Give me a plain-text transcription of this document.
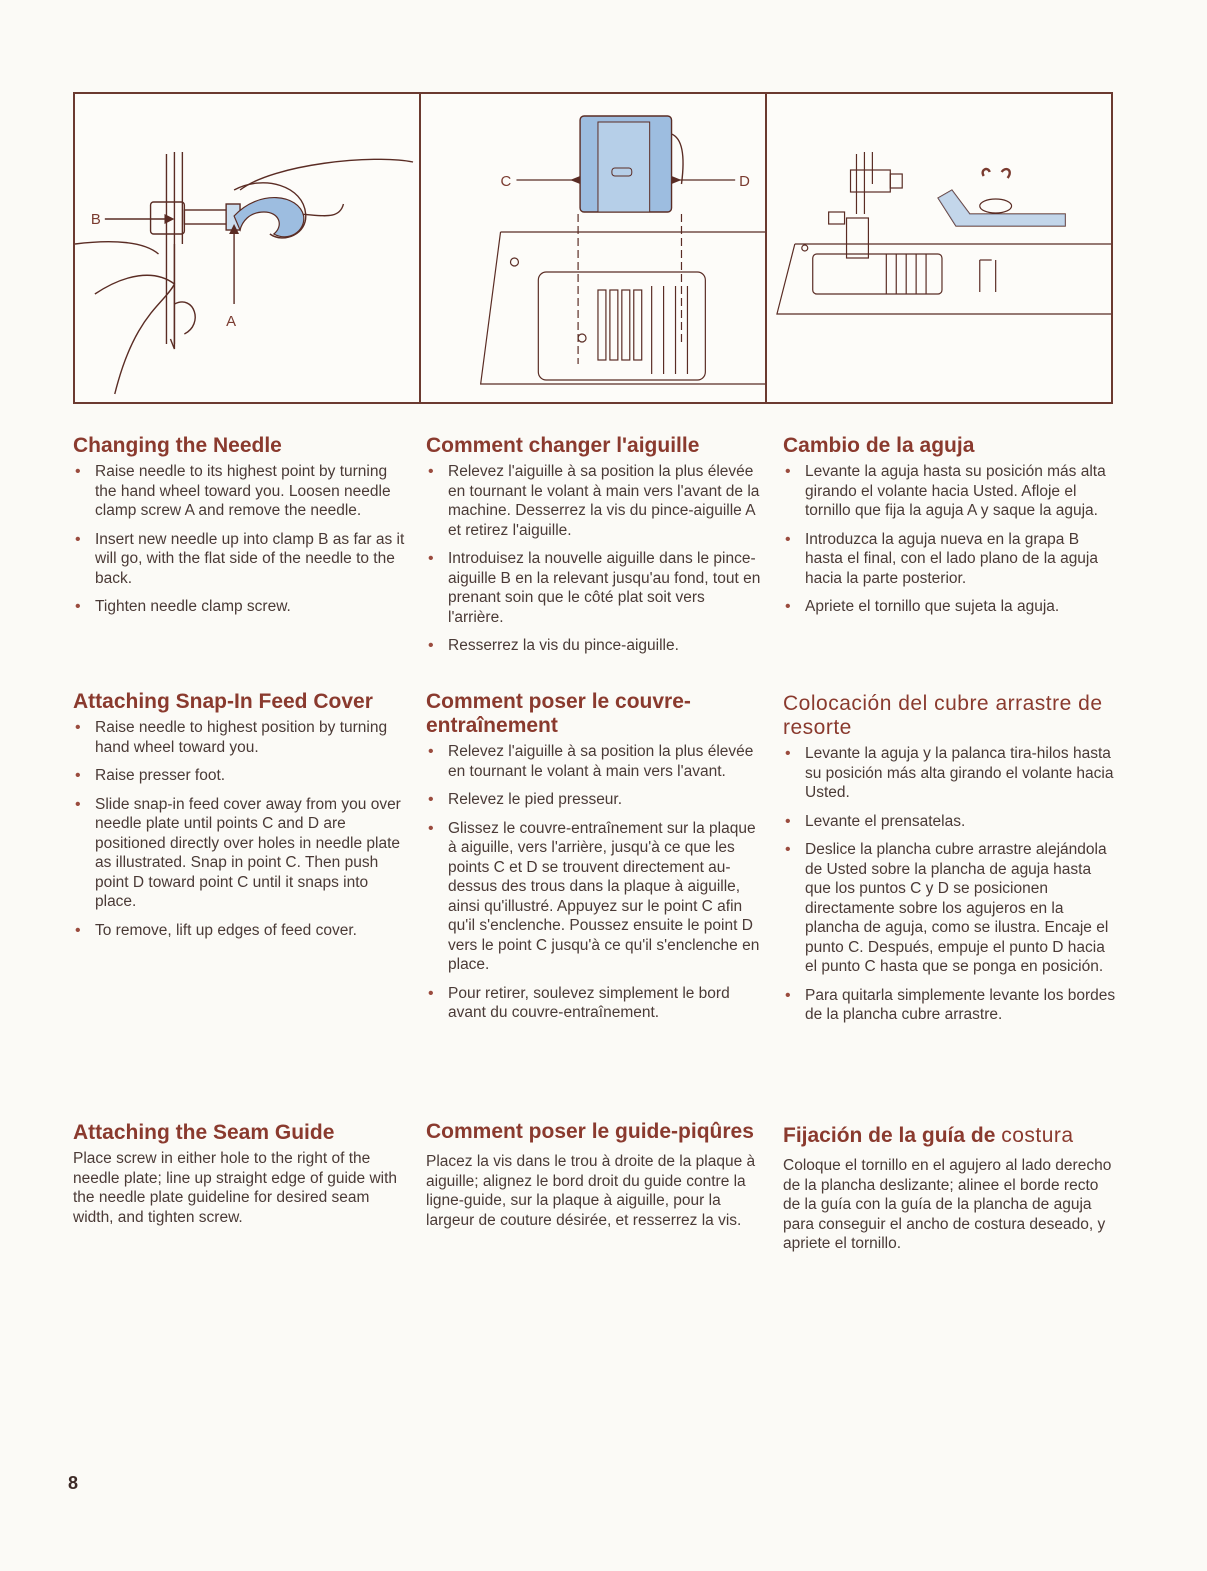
B
A
C	D
Changing the Needle
• Raise needle to its highest point by turning the hand wheel toward you. Loosen needle clamp screw A and remove the needle.
• Insert new needle up into clamp B as far as it will go, with the flat side of the needle to the back.
• Tighten needle clamp screw.
Comment changer l'aiguille
• Relevez l'aiguille à sa position la plus élevée en tournant le volant à main vers l'avant de la machine. Desserrez la vis du pince-aiguille A et retirez l'aiguille.
• Introduisez la nouvelle aiguille dans le pince-aiguille B en la relevant jusqu'au fond, tout en prenant soin que le côté plat soit vers l'arrière.
• Resserrez la vis du pince-aiguille.
Cambio de la aguja
• Levante la aguja hasta su posición más alta girando el volante hacia Usted. Afloje el tornillo que fija la aguja A y saque la aguja.
• Introduzca la aguja nueva en la grapa B hasta el final, con el lado plano de la aguja hacia la parte posterior.
• Apriete el tornillo que sujeta la aguja.
Attaching Snap-In Feed Cover
• Raise needle to highest position by turning hand wheel toward you.
• Raise presser foot.
• Slide snap-in feed cover away from you over needle plate until points C and D are positioned directly over holes in needle plate as illustrated. Snap in point C. Then push point D toward point C until it snaps into place.
• To remove, lift up edges of feed cover.
Comment poser le couvre-entraînement
• Relevez l'aiguille à sa position la plus élevée en tournant le volant à main vers l'avant.
• Relevez le pied presseur.
• Glissez le couvre-entraînement sur la plaque à aiguille, vers l'arrière, jusqu'à ce que les points C et D se trouvent directement au-dessus des trous dans la plaque à aiguille, ainsi qu'illustré. Appuyez sur le point C afin qu'il s'enclenche. Poussez ensuite le point D vers le point C jusqu'à ce qu'il s'enclenche en place.
• Pour retirer, soulevez simplement le bord avant du couvre-entraînement.
Colocación del cubre arrastre de resorte
• Levante la aguja y la palanca tira-hilos hasta su posición más alta girando el volante hacia Usted.
• Levante el prensatelas.
• Deslice la plancha cubre arrastre alejándola de Usted sobre la plancha de aguja hasta que los puntos C y D se posicionen directamente sobre los agujeros en la plancha de aguja, como se ilustra. Encaje el punto C. Después, empuje el punto D hacia el punto C hasta que se ponga en posición.
• Para quitarla simplemente levante los bordes de la plancha cubre arrastre.
Attaching the Seam Guide

Place screw in either hole to the right of the needle plate; line up straight edge of guide with the needle plate guideline for desired seam width, and tighten screw.

Comment poser le guide-piqûres

Placez la vis dans le trou à droite de la plaque à aiguille; alignez le bord droit du guide contre la ligne-guide, sur la plaque à aiguille, pour la largeur de couture désirée, et resserrez la vis.

Fijación de la guía de costura

Coloque el tornillo en el agujero al lado derecho de la plancha deslizante; alinee el borde recto de la guía con la guía de la plancha de aguja para conseguir el ancho de costura deseado, y apriete el tornillo.

8
